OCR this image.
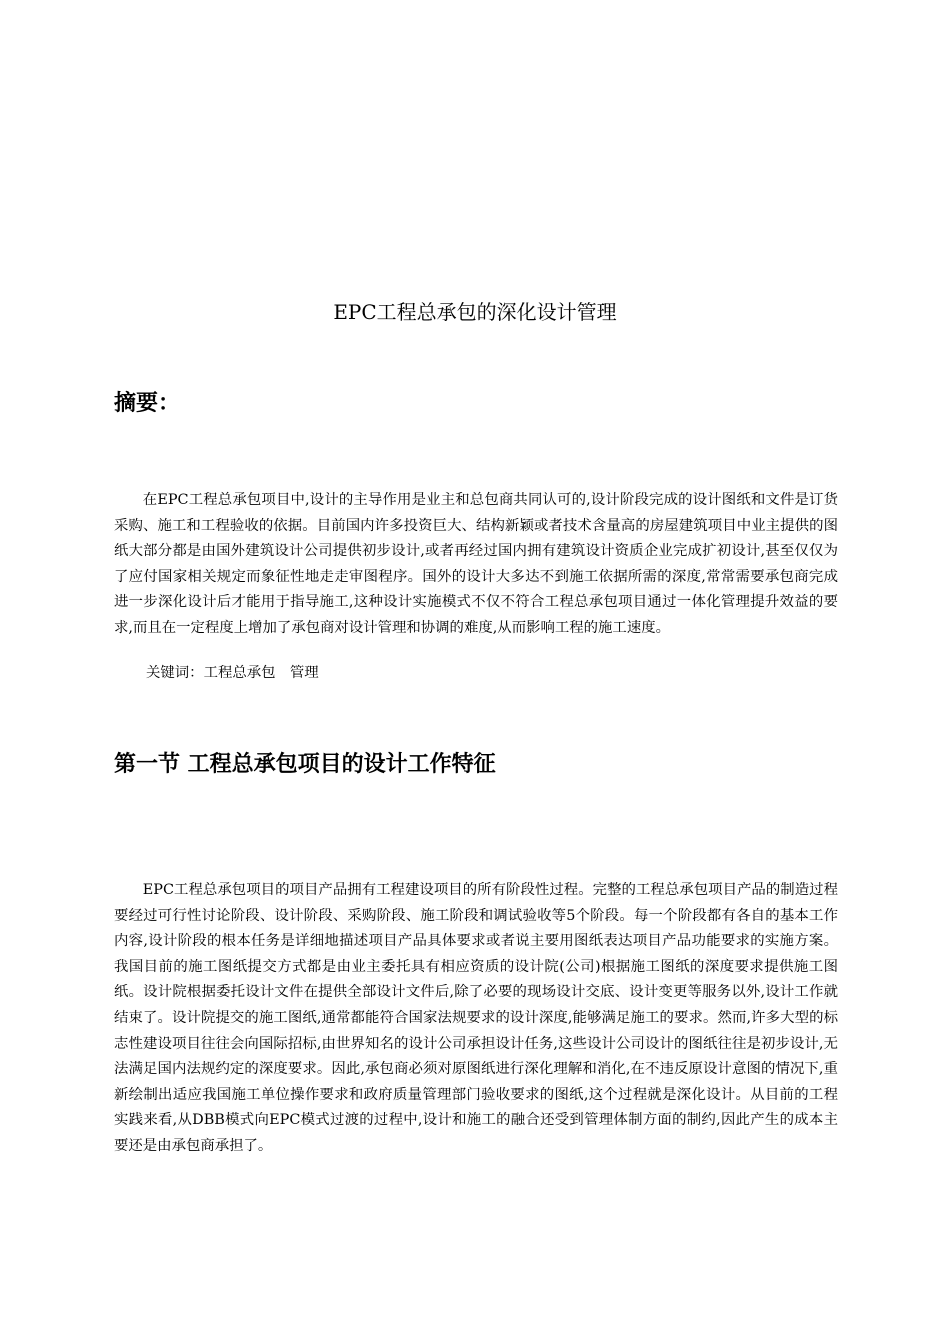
EPC工程总承包的深化设计管理
摘要：

在EPC工程总承包项目中,设计的主导作用是业主和总包商共同认可的,设计阶段完成的设计图纸和文件是订货采购、施工和工程验收的依据。目前国内许多投资巨大、结构新颖或者技术含量高的房屋建筑项目中业主提供的图纸大部分都是由国外建筑设计公司提供初步设计,或者再经过国内拥有建筑设计资质企业完成扩初设计,甚至仅仅为了应付国家相关规定而象征性地走走审图程序。国外的设计大多达不到施工依据所需的深度,常常需要承包商完成进一步深化设计后才能用于指导施工,这种设计实施模式不仅不符合工程总承包项目通过一体化管理提升效益的要求,而且在一定程度上增加了承包商对设计管理和协调的难度,从而影响工程的施工速度。

关键词：工程总承包　管理

第一节 工程总承包项目的设计工作特征

EPC工程总承包项目的项目产品拥有工程建设项目的所有阶段性过程。完整的工程总承包项目产品的制造过程要经过可行性讨论阶段、设计阶段、采购阶段、施工阶段和调试验收等5个阶段。每一个阶段都有各自的基本工作内容,设计阶段的根本任务是详细地描述项目产品具体要求或者说主要用图纸表达项目产品功能要求的实施方案。我国目前的施工图纸提交方式都是由业主委托具有相应资质的设计院(公司)根据施工图纸的深度要求提供施工图纸。设计院根据委托设计文件在提供全部设计文件后,除了必要的现场设计交底、设计变更等服务以外,设计工作就结束了。设计院提交的施工图纸,通常都能符合国家法规要求的设计深度,能够满足施工的要求。然而,许多大型的标志性建设项目往往会向国际招标,由世界知名的设计公司承担设计任务,这些设计公司设计的图纸往往是初步设计,无法满足国内法规约定的深度要求。因此,承包商必须对原图纸进行深化理解和消化,在不违反原设计意图的情况下,重新绘制出适应我国施工单位操作要求和政府质量管理部门验收要求的图纸,这个过程就是深化设计。从目前的工程实践来看,从DBB模式向EPC模式过渡的过程中,设计和施工的融合还受到管理体制方面的制约,因此产生的成本主要还是由承包商承担了。
